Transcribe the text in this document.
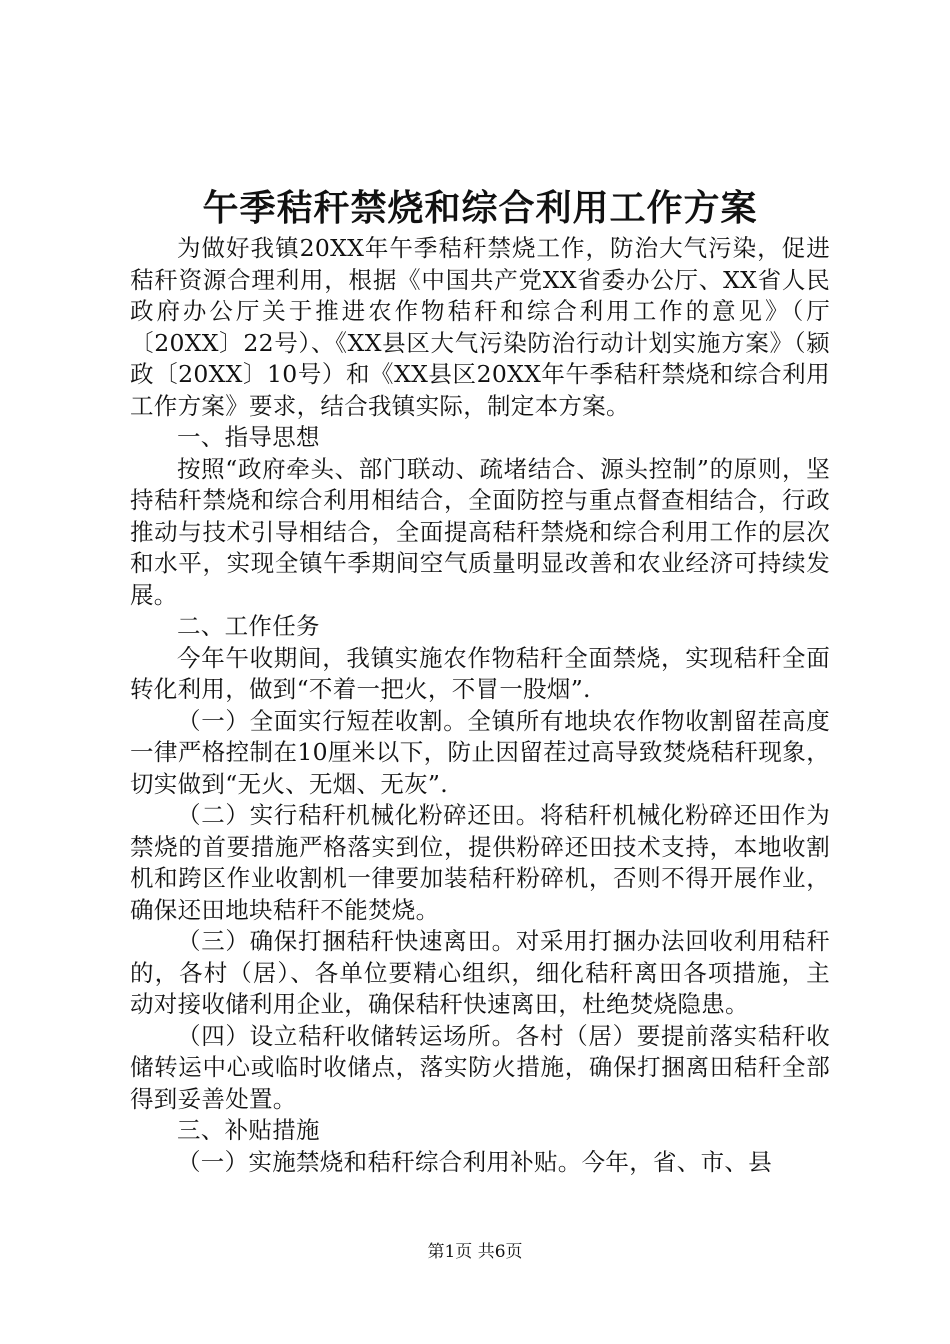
午季秸秆禁烧和综合利用工作方案

为做好我镇20XX年午季秸秆禁烧工作，防治大气污染，促进秸秆资源合理利用，根据《中国共产党XX省委办公厅、XX省人民政府办公厅关于推进农作物秸秆和综合利用工作的意见》（厅〔20XX〕22号）、《XX县区大气污染防治行动计划实施方案》（颍政〔20XX〕10号）和《XX县区20XX年午季秸秆禁烧和综合利用工作方案》要求，结合我镇实际，制定本方案。

一、指导思想

按照“政府牵头、部门联动、疏堵结合、源头控制”的原则，坚持秸秆禁烧和综合利用相结合，全面防控与重点督查相结合，行政推动与技术引导相结合，全面提高秸秆禁烧和综合利用工作的层次和水平，实现全镇午季期间空气质量明显改善和农业经济可持续发展。

二、工作任务

今年午收期间，我镇实施农作物秸秆全面禁烧，实现秸秆全面转化利用，做到“不着一把火，不冒一股烟”.

（一）全面实行短茬收割。全镇所有地块农作物收割留茬高度一律严格控制在10厘米以下，防止因留茬过高导致焚烧秸秆现象，切实做到“无火、无烟、无灰”.

（二）实行秸秆机械化粉碎还田。将秸秆机械化粉碎还田作为禁烧的首要措施严格落实到位，提供粉碎还田技术支持，本地收割机和跨区作业收割机一律要加装秸秆粉碎机，否则不得开展作业，确保还田地块秸秆不能焚烧。

（三）确保打捆秸秆快速离田。对采用打捆办法回收利用秸秆的，各村（居）、各单位要精心组织，细化秸秆离田各项措施，主动对接收储利用企业，确保秸秆快速离田，杜绝焚烧隐患。

（四）设立秸秆收储转运场所。各村（居）要提前落实秸秆收储转运中心或临时收储点，落实防火措施，确保打捆离田秸秆全部得到妥善处置。

三、补贴措施

（一）实施禁烧和秸秆综合利用补贴。今年，省、市、县

第1页 共6页
